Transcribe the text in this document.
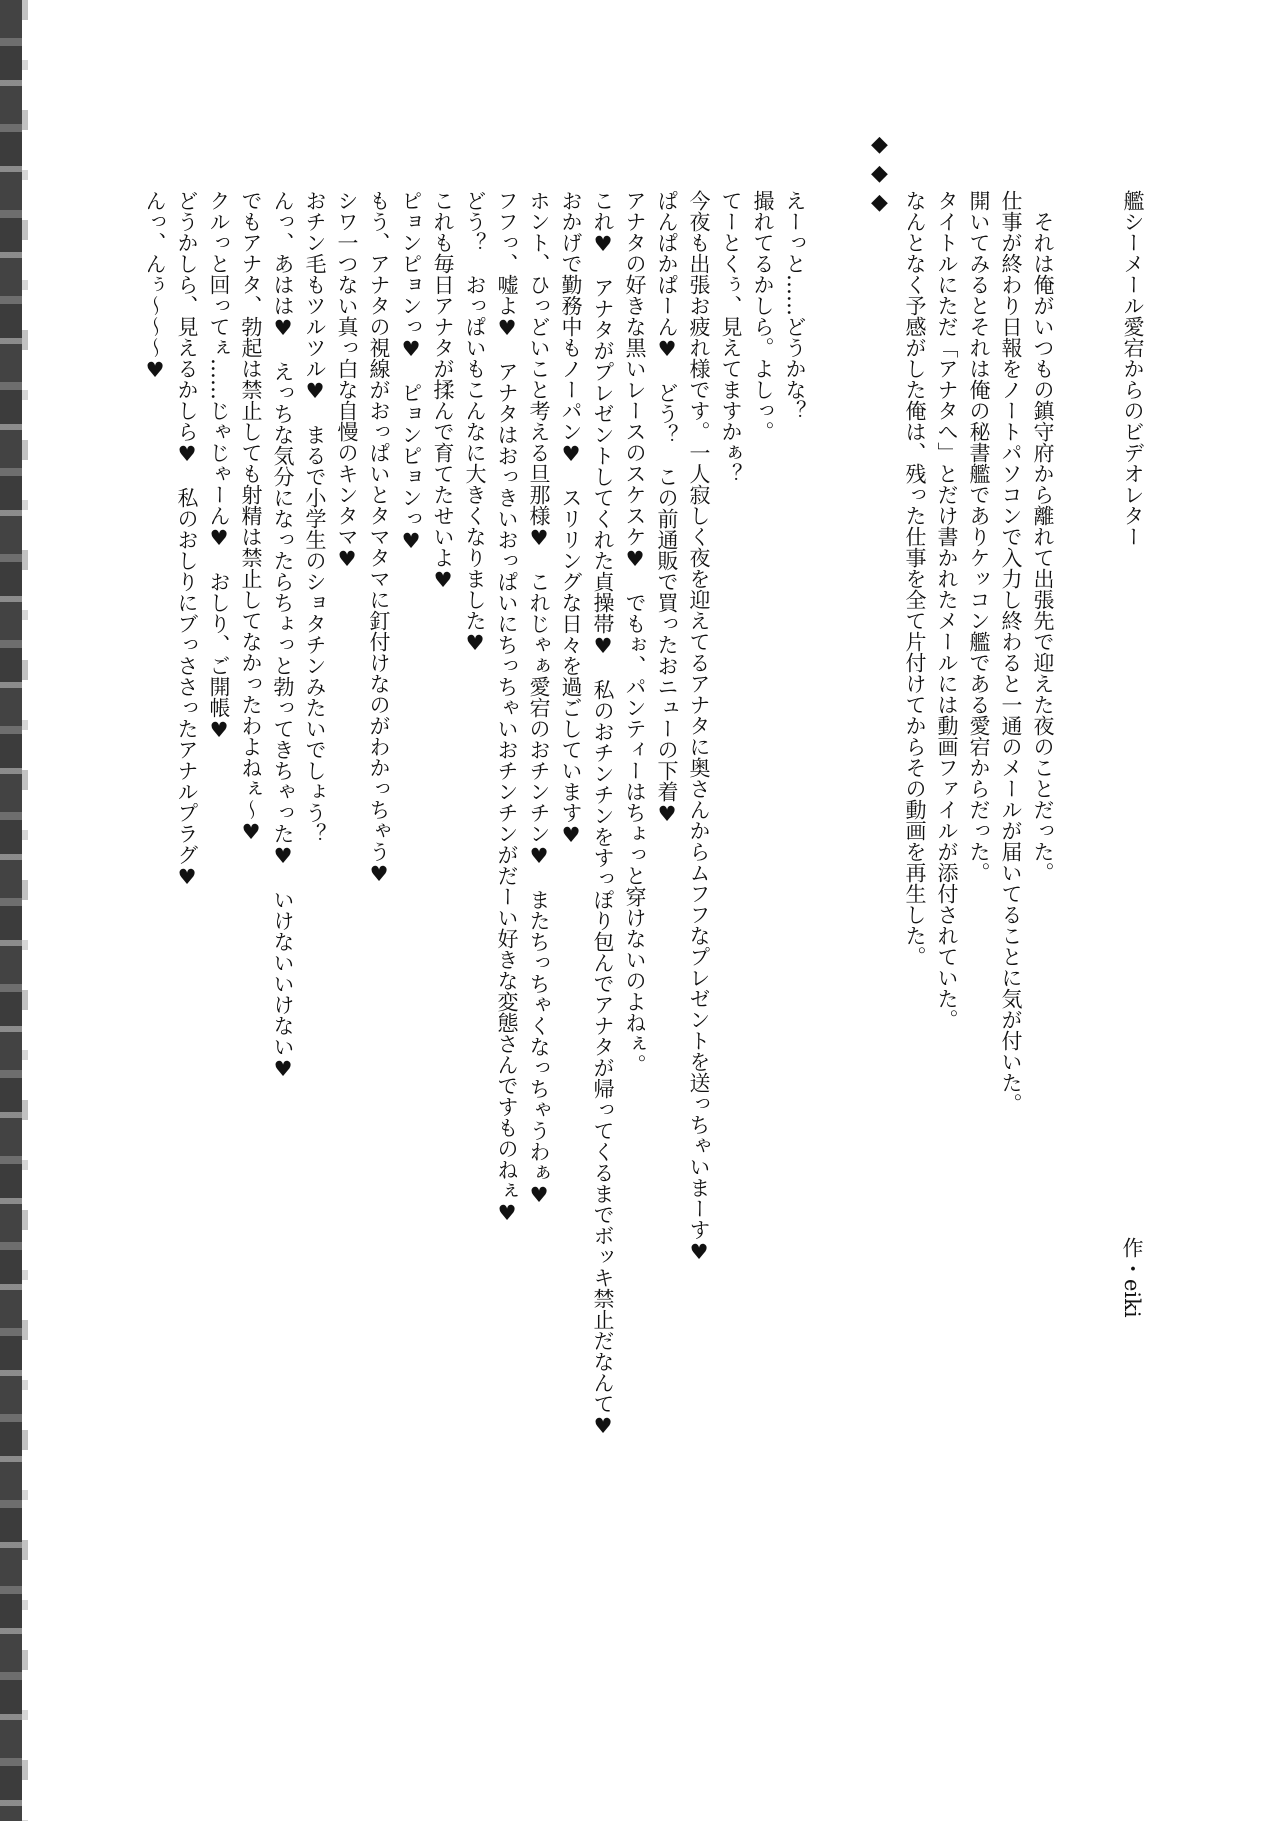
艦シーメール愛宕からのビデオレター
それは俺がいつもの鎮守府から離れて出張先で迎えた夜のことだった。
仕事が終わり日報をノートパソコンで入力し終わると一通のメールが届いてることに気が付いた。
開いてみるとそれは俺の秘書艦でありケッコン艦である愛宕からだった。
タイトルにただ「アナタへ」とだけ書かれたメールには動画ファイルが添付されていた。
なんとなく予感がした俺は、残った仕事を全て片付けてからその動画を再生した。
◆◆◆
えーっと……どうかな？
撮れてるかしら。よしっ。
てーとくぅ、見えてますかぁ？
今夜も出張お疲れ様です。一人寂しく夜を迎えてるアナタに奥さんからムフフなプレゼントを送っちゃいまーす♥
ぱんぱかぱーん♥　どう？　この前通販で買ったおニューの下着♥
アナタの好きな黒いレースのスケスケ♥　でもぉ、パンティーはちょっと穿けないのよねぇ。
これ♥　アナタがプレゼントしてくれた貞操帯♥　私のおチンチンをすっぽり包んでアナタが帰ってくるまでボッキ禁止だなんて♥
おかげで勤務中もノーパン♥　スリリングな日々を過ごしています♥
ホント、ひっどいこと考える旦那様♥　これじゃぁ愛宕のおチンチン♥　またちっちゃくなっちゃうわぁ♥
フフっ、嘘よ♥　アナタはおっきいおっぱいにちっちゃいおチンチンがだーい好きな変態さんですものねぇ♥
どう？　おっぱいもこんなに大きくなりました♥
これも毎日アナタが揉んで育てたせいよ♥
ピョンピョンっ♥　ピョンピョンっ♥
もう、アナタの視線がおっぱいとタマタマに釘付けなのがわかっちゃう♥
シワ一つない真っ白な自慢のキンタマ♥
おチン毛もツルツル♥　まるで小学生のショタチンみたいでしょう？
んっ、あはは♥　えっちな気分になったらちょっと勃ってきちゃった♥　いけないいけない♥
でもアナタ、勃起は禁止しても射精は禁止してなかったわよねぇ～♥
クルっと回ってぇ……じゃじゃーん♥　おしり、ご開帳♥
どうかしら、見えるかしら♥　私のおしりにブっささったアナルプラグ♥
んっ、んぅ～～～♥
作・eiki
